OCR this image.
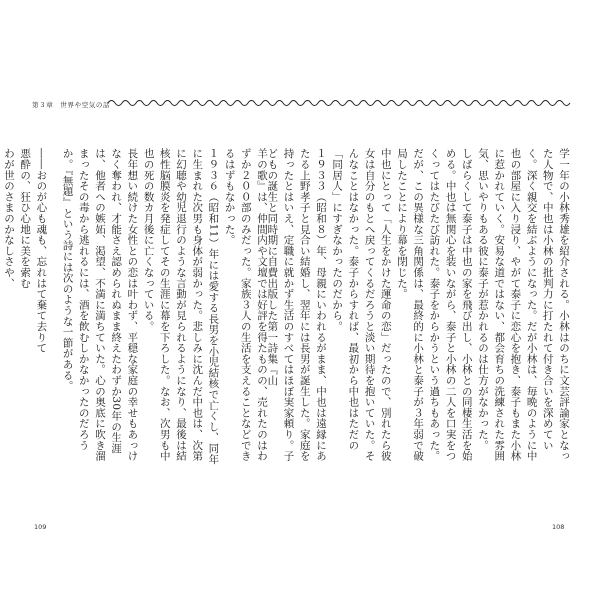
第３章　世界や空気の話

羊の歌』は、仲間内や文壇では好評を得たものの、売れたのはわずか２００部のみだった。家族３人の生活を支えることなどできるはずもなかった。

１９３６（昭和11）年には愛する長男を小児結核で亡くし、同年に生まれた次男も身体が弱かった。悲しみに沈んだ中也は、次第に幻聴や幼児退行のような言動が見られるようになり、最後は結核性脳膜炎を発症してその生涯に幕を下ろした。なお、次男も中也の死の数カ月後に亡くなっている。

長年想い続けた女性との恋は叶わず、平穏な家庭の幸せもあっけなく奪われ、才能さえ認められぬまま終えたわずか30年の生涯は、他者への嫉妬、渇望、不満に満ちていた。心の奥底に吹き溜まったその毒から逃れるには、酒を飲むしかなかったのだろうか。『無題』という詩には次のような一節がある。

――おのが心も魂も、忘れはて棄て去りて
悪酔の、狂ひ心地に美を索む
わが世のさまのかなしさや、
109

学一年の小林秀雄を紹介される。小林はのちに文芸評論家となった人物で、中也は小林の批判力に打たれて付き合いを深めていく。深く親交を結ぶようになった。だが小林は、毎晩のように中也の部屋に入り浸り、やがて泰子に恋心を抱き、泰子もまた小林に惹かれていく。安易な道ではない、都会育ちの洗練された雰囲気、思いやりもある彼に泰子が惹かれるのは仕方がなかった。

しばらくして泰子は中也の家を飛び出し、小林との同棲生活を始める。中也は無関心を装いながら、泰子と小林の二人を口実をつくってはたびたび訪れた。泰子をからかうという過ちもあった。だが、この異様な三角関係は、最終的に小林と泰子が３年弱で破局したことにより幕を閉じた。

中也にとって「人生をかけた運命の恋」だったので、別れたら彼女は自分のもとへ戻ってくるだろうと淡い期待を抱いていた。そんなことはなかった。泰子からすれば、最初から中也はただの「同居人」にすぎなかったのだから。

１９３３（昭和８）年、母親にいわれるがまま、中也は遠縁にあたる上野孝子と見合い結婚し、翌年には長男が誕生した。家庭を持ったとはいえ、定職に就かず生活のすべてはほぼ実家頼り。子どもの誕生と同時期に自費出版した第一詩集『山

108
